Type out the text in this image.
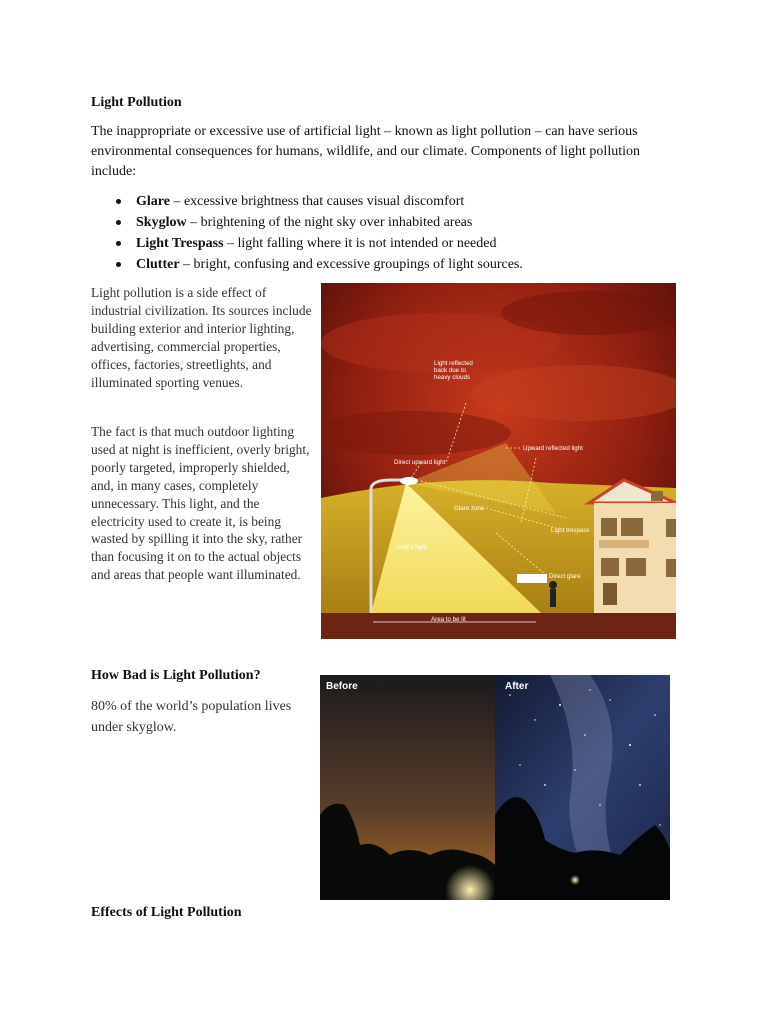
Light Pollution
The inappropriate or excessive use of artificial light – known as light pollution – can have serious environmental consequences for humans, wildlife, and our climate. Components of light pollution include:
Glare – excessive brightness that causes visual discomfort
Skyglow – brightening of the night sky over inhabited areas
Light Trespass – light falling where it is not intended or needed
Clutter – bright, confusing and excessive groupings of light sources.
Light pollution is a side effect of industrial civilization. Its sources include building exterior and interior lighting, advertising, commercial properties, offices, factories, streetlights, and illuminated sporting venues.
The fact is that much outdoor lighting used at night is inefficient, overly bright, poorly targeted, improperly shielded, and, in many cases, completely unnecessary. This light, and the electricity used to create it, is being wasted by spilling it into the sky, rather than focusing it on to the actual objects and areas that people want illuminated.
Light reflected
back due to
heavy clouds
Upward reflected light
Direct upward light
Glare zone
Light trespass
Useful light
Direct glare
Area to be lit
How Bad is Light Pollution?
80% of the world’s population lives under skyglow.
Before	After
Effects of Light Pollution
